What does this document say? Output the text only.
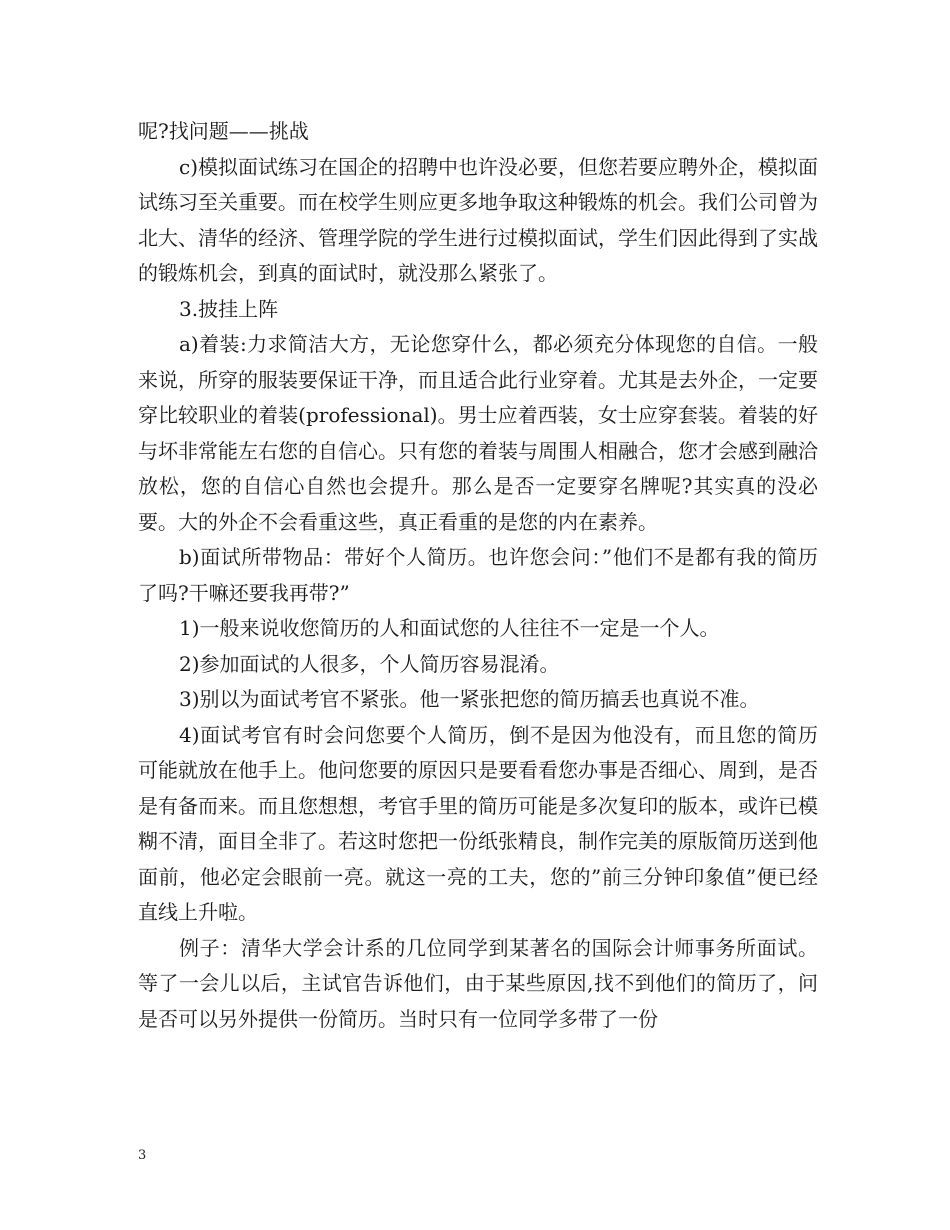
呢?找问题——挑战

c)模拟面试练习在国企的招聘中也许没必要，但您若要应聘外企，模拟面试练习至关重要。而在校学生则应更多地争取这种锻炼的机会。我们公司曾为北大、清华的经济、管理学院的学生进行过模拟面试，学生们因此得到了实战的锻炼机会，到真的面试时，就没那么紧张了。

3.披挂上阵

a)着装:力求简洁大方，无论您穿什么，都必须充分体现您的自信。一般来说，所穿的服装要保证干净，而且适合此行业穿着。尤其是去外企，一定要穿比较职业的着装(professional)。男士应着西装，女士应穿套装。着装的好与坏非常能左右您的自信心。只有您的着装与周围人相融合，您才会感到融洽放松，您的自信心自然也会提升。那么是否一定要穿名牌呢?其实真的没必要。大的外企不会看重这些，真正看重的是您的内在素养。

b)面试所带物品：带好个人简历。也许您会问：”他们不是都有我的简历了吗?干嘛还要我再带?”

1)一般来说收您简历的人和面试您的人往往不一定是一个人。

2)参加面试的人很多，个人简历容易混淆。

3)别以为面试考官不紧张。他一紧张把您的简历搞丢也真说不准。

4)面试考官有时会问您要个人简历，倒不是因为他没有，而且您的简历可能就放在他手上。他问您要的原因只是要看看您办事是否细心、周到，是否是有备而来。而且您想想，考官手里的简历可能是多次复印的版本，或许已模糊不清，面目全非了。若这时您把一份纸张精良，制作完美的原版简历送到他面前，他必定会眼前一亮。就这一亮的工夫，您的”前三分钟印象值”便已经直线上升啦。

例子：清华大学会计系的几位同学到某著名的国际会计师事务所面试。等了一会儿以后，主试官告诉他们，由于某些原因,找不到他们的简历了，问是否可以另外提供一份简历。当时只有一位同学多带了一份

3
